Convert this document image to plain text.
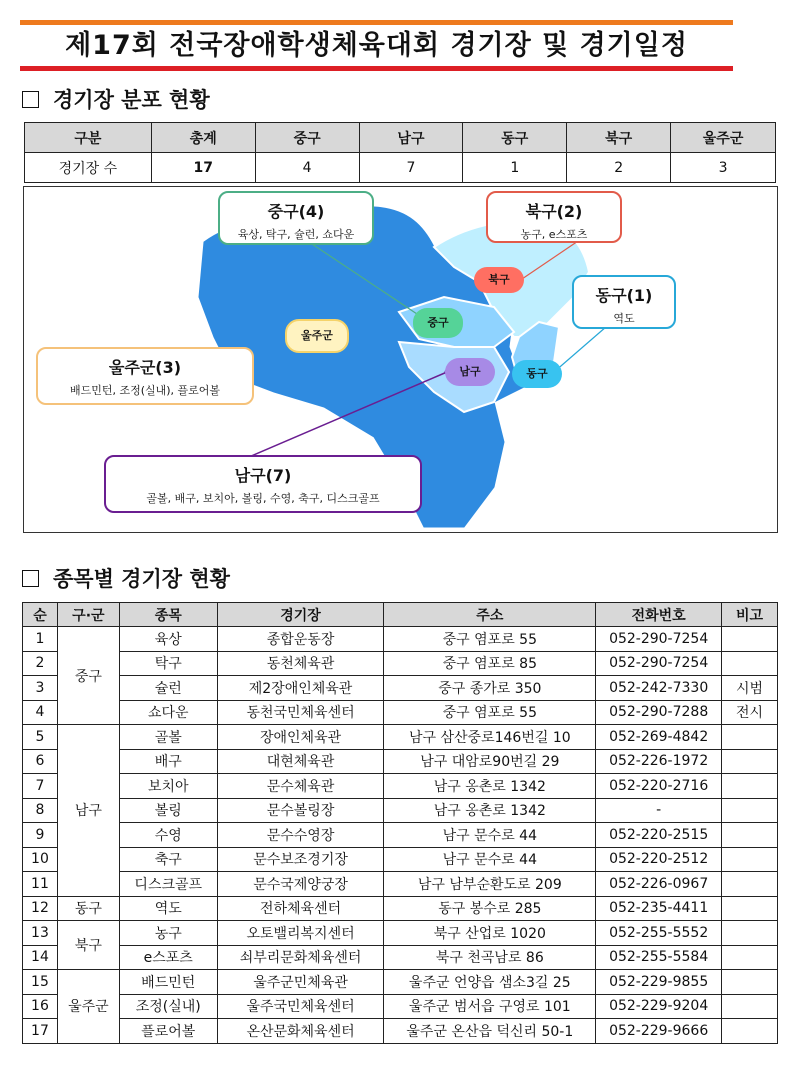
제17회 전국장애학생체육대회 경기장 및 경기일정
경기장 분포 현황
구분	총계	중구	남구	동구	북구	울주군
경기장 수	17	4	7	1	2	3
울주군
중구
북구
남구	동구
중구(4)
육상, 탁구, 슐런, 쇼다운
북구(2)
농구, e스포츠
동구(1)
역도
울주군(3)
배드민턴, 조정(실내), 플로어볼
남구(7)
골볼, 배구, 보치아, 볼링, 수영, 축구, 디스크골프
종목별 경기장 현황
순	구·군	종목	경기장	주소	전화번호	비고
1	중구	육상	종합운동장	중구 염포로 55	052-290-7254	
2		탁구	동천체육관	중구 염포로 85	052-290-7254	
3		슐런	제2장애인체육관	중구 종가로 350	052-242-7330	시범
4		쇼다운	동천국민체육센터	중구 염포로 55	052-290-7288	전시
5	남구	골볼	장애인체육관	남구 삼산중로146번길 10	052-269-4842	
6		배구	대현체육관	남구 대암로90번길 29	052-226-1972	
7		보치아	문수체육관	남구 옹촌로 1342	052-220-2716	
8		볼링	문수볼링장	남구 옹촌로 1342	-	
9		수영	문수수영장	남구 문수로 44	052-220-2515	
10		축구	문수보조경기장	남구 문수로 44	052-220-2512	
11		디스크골프	문수국제양궁장	남구 남부순환도로 209	052-226-0967	
12	동구	역도	전하체육센터	동구 봉수로 285	052-235-4411	
13	북구	농구	오토밸리복지센터	북구 산업로 1020	052-255-5552	
14		e스포츠	쇠부리문화체육센터	북구 천곡남로 86	052-255-5584	
15	울주군	배드민턴	울주군민체육관	울주군 언양읍 샘소3길 25	052-229-9855	
16		조정(실내)	울주국민체육센터	울주군 범서읍 구영로 101	052-229-9204	
17		플로어볼	온산문화체육센터	울주군 온산읍 덕신리 50-1	052-229-9666	
